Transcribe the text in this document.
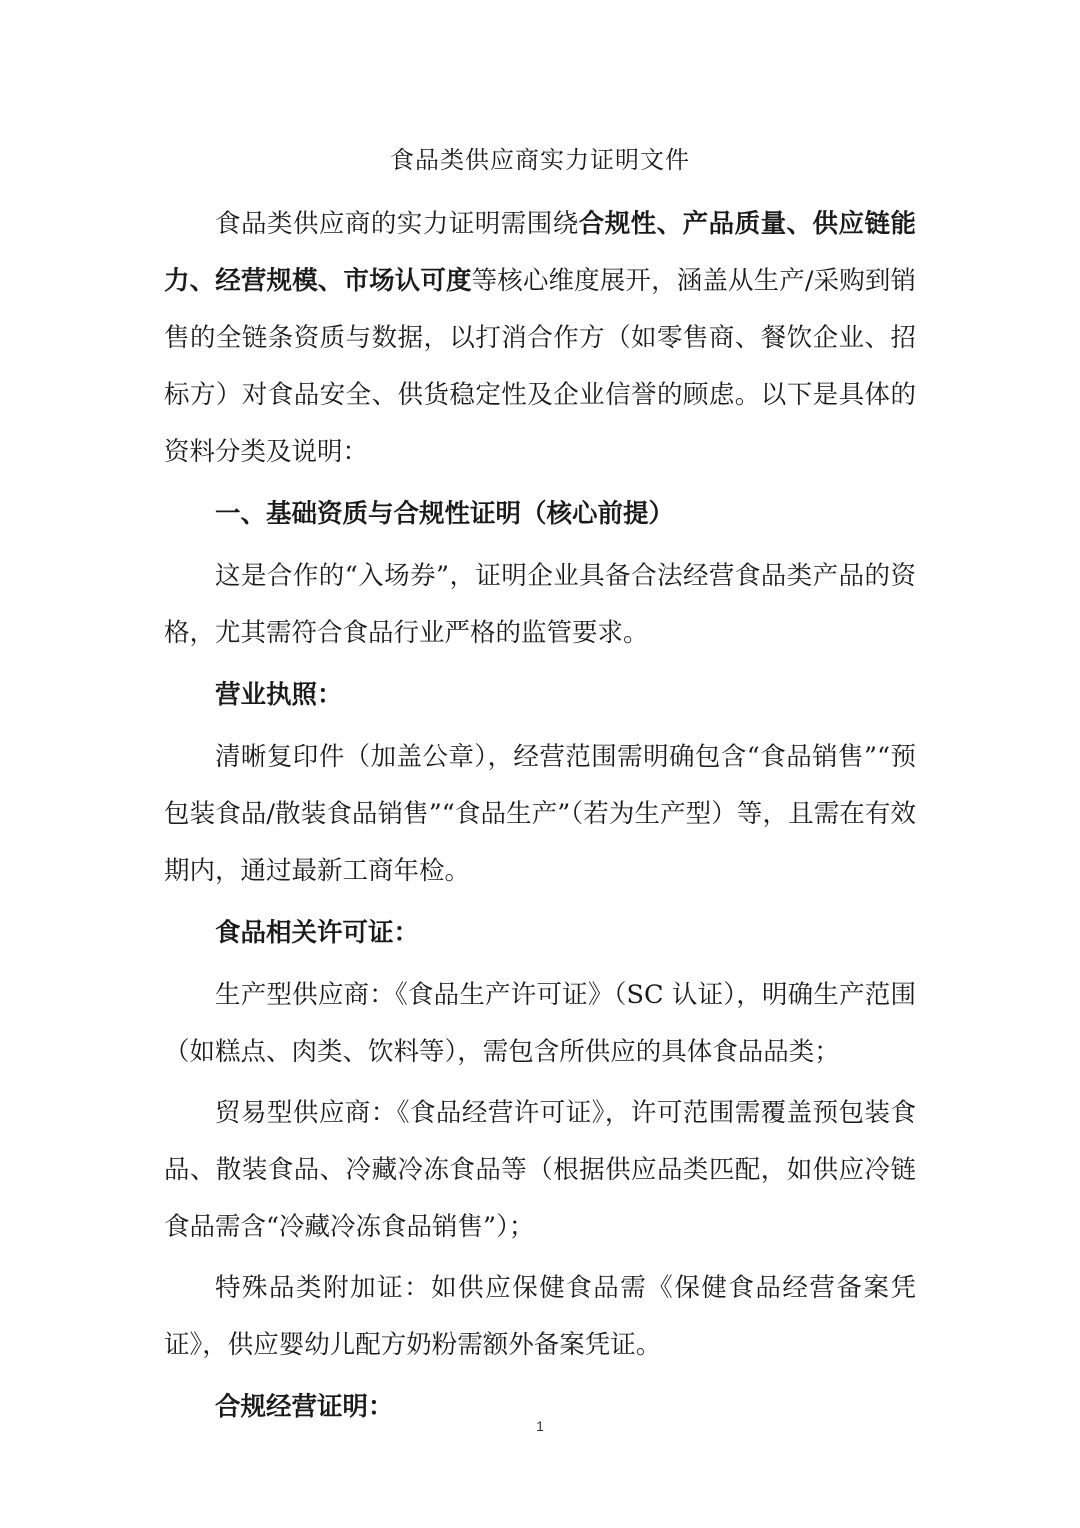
食品类供应商实力证明文件

食品类供应商的实力证明需围绕合规性、产品质量、供应链能力、经营规模、市场认可度等核心维度展开，涵盖从生产/采购到销售的全链条资质与数据，以打消合作方（如零售商、餐饮企业、招标方）对食品安全、供货稳定性及企业信誉的顾虑。以下是具体的资料分类及说明：

一、基础资质与合规性证明（核心前提）

这是合作的“入场券”，证明企业具备合法经营食品类产品的资格，尤其需符合食品行业严格的监管要求。

营业执照：

清晰复印件（加盖公章），经营范围需明确包含“食品销售”“预包装食品/散装食品销售”“食品生产”（若为生产型）等，且需在有效期内，通过最新工商年检。

食品相关许可证：

生产型供应商：《食品生产许可证》（SC 认证），明确生产范围（如糕点、肉类、饮料等），需包含所供应的具体食品品类；

贸易型供应商：《食品经营许可证》，许可范围需覆盖预包装食品、散装食品、冷藏冷冻食品等（根据供应品类匹配，如供应冷链食品需含“冷藏冷冻食品销售”）；

特殊品类附加证：如供应保健食品需《保健食品经营备案凭证》，供应婴幼儿配方奶粉需额外备案凭证。

合规经营证明：

1
